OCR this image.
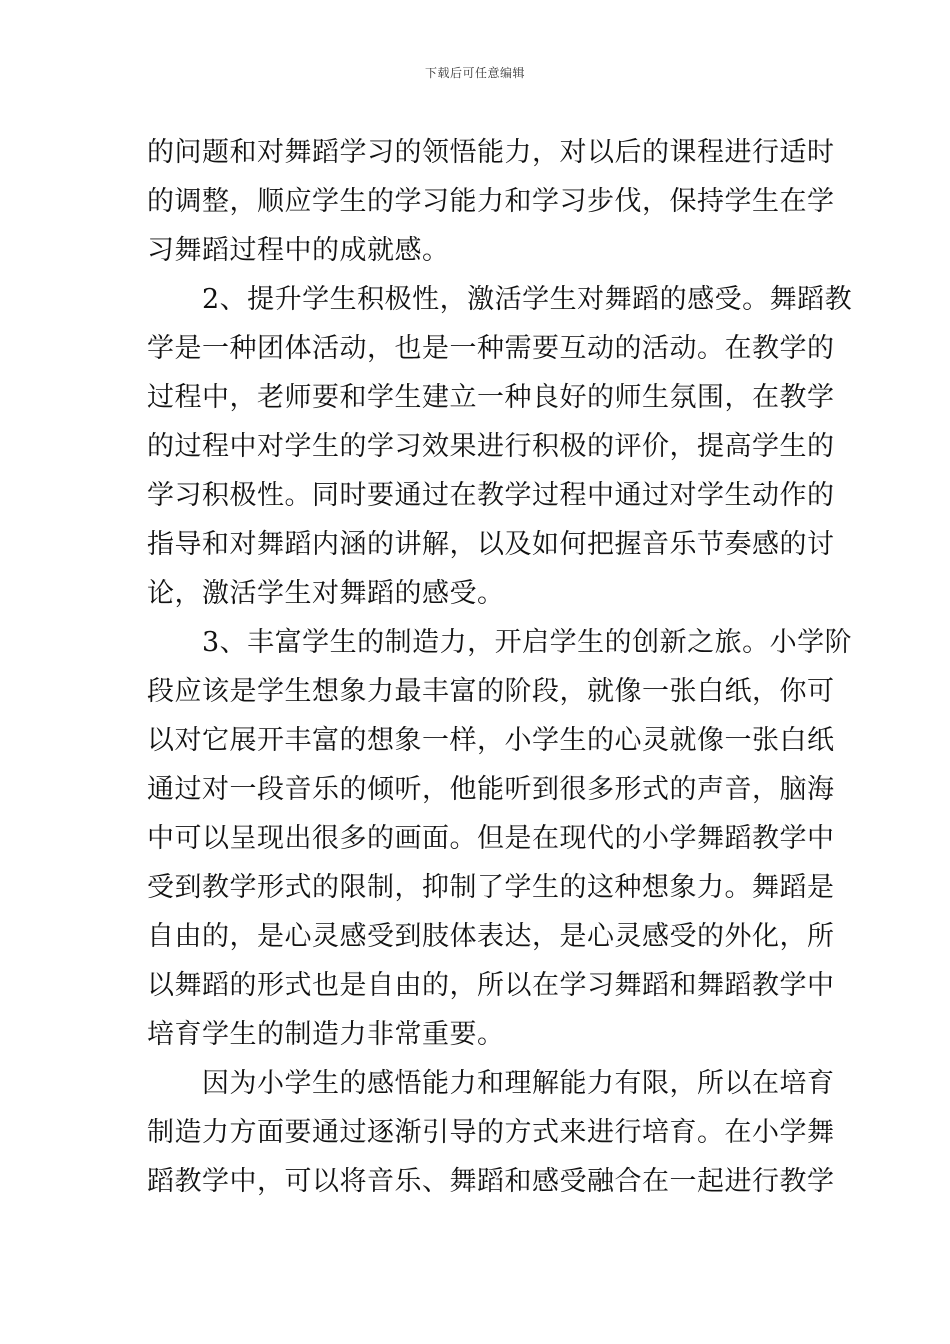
下载后可任意编辑
的问题和对舞蹈学习的领悟能力，对以后的课程进行适时
的调整，顺应学生的学习能力和学习步伐，保持学生在学
习舞蹈过程中的成就感。
　　2、提升学生积极性，激活学生对舞蹈的感受。舞蹈教
学是一种团体活动，也是一种需要互动的活动。在教学的
过程中，老师要和学生建立一种良好的师生氛围，在教学
的过程中对学生的学习效果进行积极的评价，提高学生的
学习积极性。同时要通过在教学过程中通过对学生动作的
指导和对舞蹈内涵的讲解，以及如何把握音乐节奏感的讨
论，激活学生对舞蹈的感受。
　　3、丰富学生的制造力，开启学生的创新之旅。小学阶
段应该是学生想象力最丰富的阶段，就像一张白纸，你可
以对它展开丰富的想象一样，小学生的心灵就像一张白纸
通过对一段音乐的倾听，他能听到很多形式的声音，脑海
中可以呈现出很多的画面。但是在现代的小学舞蹈教学中
受到教学形式的限制，抑制了学生的这种想象力。舞蹈是
自由的，是心灵感受到肢体表达，是心灵感受的外化，所
以舞蹈的形式也是自由的，所以在学习舞蹈和舞蹈教学中
培育学生的制造力非常重要。
　　因为小学生的感悟能力和理解能力有限，所以在培育
制造力方面要通过逐渐引导的方式来进行培育。在小学舞
蹈教学中，可以将音乐、舞蹈和感受融合在一起进行教学
